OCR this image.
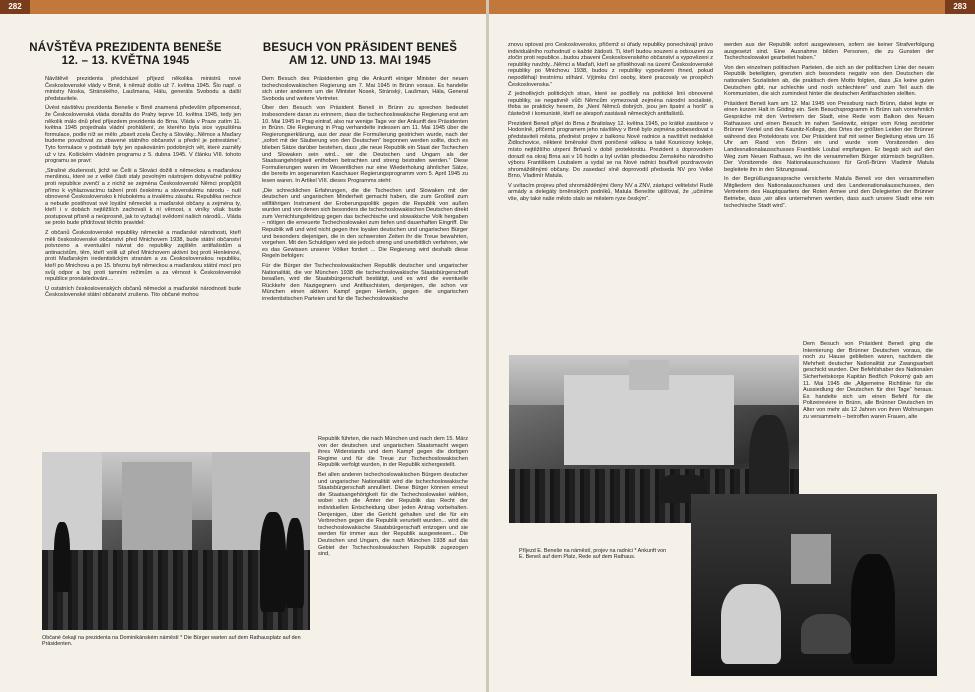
282
NÁVŠTĚVA PREZIDENTA BENEŠE
12. – 13. KVĚTNA 1945
BESUCH VON PRÄSIDENT BENEŠ
AM 12. UND 13. MAI 1945

Návštěvě prezidenta předcházel příjezd několika ministrů nové Československé vlády v Brně, k němuž došlo už 7. května 1945. Šlo např. o ministry Noska, Stránského, Laušmana, Hálu, generála Svobodu a další představitele.

Úvést návštěvu prezidenta Beneše v Brně znamená především připomenout, že Československá vláda doražila do Prahy teprve 10. května 1945, tedy jen několik málo dnů před příjezdem prezidenta do Brna. Vláda v Praze zatím 11. května 1945 projednala vládní prohlášení, ze kterého byla sice vypuštěna formulace, podle níž se mělo „zbavit zcela Čechy a Slováky...Němce a Maďary budeme považovat za zbavené státního občanství a přední je potrestáme“. Tyto formulace v podstatě byly jen opakováním podobných vět, které zazněly už v tzv. Košickém vládním programu z 5. dubna 1945. V článku VIII. tohoto programu se pravi:

„Strašné zkušenosti, jichž se Češi a Slováci dožili s německou a maďarskou menšinou, které se z velké části staly povolným nástrojem dobyvačné politiky proti republice zvenčí a z nichž se zejména Československí Němci propůjčili přímo k vyhlazovacímu tažení proti českému a slovenskému národu - nutí obnovené Československo k hlubokému a trvalému zásahu. Republika nechce a nebude postihovat své loyální německé a maďarské občany a zejména ty, kteří i v dobách nejtěžších zachovali k ní věrnost, s viníky však bude postupovat přísně a neúprosně, jak to vyžadují svědomí našich národů... Vláda se proto bude přidržovat těchto pravidel:

Z občanů Československé republiky německé a maďarské národnosti, kteří měli československé občanství před Mnichovem 1938, bude státní občanství potvrzeno a eventuální návrat do republiky zajištěn antifašistům a antinacistům, těm, kteří volili už před Mnichovem aktivní boj proti Henleinovi, proti Maďarským iredentistickým stranám a za Československou republiku, kteří po Mnichovu a po 15. březnu byli německou a maďarskou státní mocí pro svůj odpor a boj proti tamním režimům a za věrnost k Československé republice pronásledováni....

U ostatních československých občanů německé a maďarské národnosti bude Československé státní občanství zrušeno. Tito občané mohou

Dem Besuch des Präsidenten ging die Ankunft einiger Minister der neuen tschechoslowakischen Regierung am 7. Mai 1945 in Brünn voraus. Es handelte sich unter anderem um die Minister Nosek, Stránský, Laušman, Hála, General Svoboda und weitere Vertreter.

Über den Besuch von Präsident Beneš in Brünn zu sprechen bedeutet insbesondere daran zu erinnern, dass die tschechoslowakische Regierung erst am 10. Mai 1945 in Prag eintraf, also nur wenige Tage vor der Ankunft des Präsidenten in Brünn. Die Regierung in Prag verhandelte indessen am 11. Mai 1945 über die Regierungserklärung, aus der zwar die Formulierung gestrichen wurde, nach der „sofort mit der Säuberung von den Deutschen“ begonnen werden sollte, doch es blieben Sätze darüber bestehen, dass „die neue Republik ein Staat der Tschechen und Slowaken sein wird... wir die Deutschen und Ungarn als der Staatsangehörigkeit enthoben betrachten und streng bestrafen werden.“ Diese Formulierungen waren im Wesentlichen nur eine Wiederholung ähnlicher Sätze, die bereits im sogenannten Kaschauer Regierungsprogramm vom 5. April 1945 zu lesen waren. In Artikel VIII. dieses Programms steht:

„Die schrecklichen Erfahrungen, die die Tschechen und Slowaken mit der deutschen und ungarischen Minderheit gemacht haben, die zum Großteil zum willfährigen Instrument der Eroberungspolitik gegen die Republik von außen wurden und von denen sich besonders die tschechoslowakischen Deutschen direkt zum Vernichtungsfeldzug gegen das tschechische und slowakische Volk hergaben – nötigen die erneuerte Tschechoslowakei zum tiefen und dauerhaften Eingriff. Die Republik will und wird nicht gegen ihre loyalen deutschen und ungarischen Bürger und besonders diejenigen, die in den schwersten Zeiten ihr die Treue bewahrten, vorgehen. Mit den Schuldigen wird sie jedoch streng und unerbittlich verfahren, wie es das Gewissen unserer Völker fordert ... Die Regierung wird deshalb diese Regeln befolgen:

Für die Bürger der Tschechoslowakischen Republik deutscher und ungarischer Nationalität, die vor München 1938 die tschechoslowakische Staatsbürgerschaft besaßen, wird die Staatsbürgerschaft bestätigt, und es wird die eventuelle Rückkehr den Nazigegnern und Antifaschisten, denjenigen, die schon vor München einen aktiven Kampf gegen Henlein, gegen die ungarischen irredentistischen Parteien und für die Tschechoslowakische

Republik führten, die nach München und nach dem 15. März von der deutschen und ungarischen Staatsmacht wegen ihres Widerstands und dem Kampf gegen die dortigen Regime und für die Treue zur Tschechoslowakischen Republik verfolgt wurden, in der Republik sichergestellt.

Bei allen anderen tschechoslowakischen Bürgern deutscher und ungarischer Nationalität wird die tschechoslowakische Staatsbürgerschaft annulliert. Diese Bürger können erneut die Staatsangehörigkeit für die Tschechoslowakei wählen, wobei sich die Ämter der Republik das Recht der individuellen Entscheidung über jeden Antrag vorbehalten. Denjenigen, über die Gericht gehalten und die für ein Verbrechen gegen die Republik verurteilt wurden... wird die tschechoslowakische Staatsbürgerschaft entzogen und sie werden für immer aus der Republik ausgewiesen... Die Deutschen und Ungarn, die nach München 1938 auf das Gebiet der Tschechoslowakischen Republik zugezogen sind,

Občané čekají na prezidenta na Dominikánském náměstí * Die Bürger warten auf dem Rathausplatz auf den Präsidenten.
283

znovu optovat pro Československo, přičemž si úřady republiky ponechávají právo individuálního rozhodnutí o každé žádosti. Ti, kteří budou souzeni a odsouzeni za zločin proti republice...budou zbaveni Československého občanství a vypovězeni z republiky navždy...Němci a Maďaři, kteří se přistěhovali na území Československé republiky po Mnichovu 1938, budou z republiky vypovězeni ihned, pokud nepodléhají trestnímu stíhání. Výjimku činí osoby, které pracovaly ve prospěch Československa.“

Z jednotlivých politických stran, které se podílely na politické linii obnovené republiky, se negativně vůči Němcům vymezovali zejména národní socialisté, třeba se prakticky hesem, že „Není Němců dobrých, jsou jen špatní a horší“ a částečně i komunisté, kteří se alespoň zastávali německých antifašistů.

Prezident Beneš přijel do Brna z Bratislavy 12. května 1945, po krátké zastávce v Hodoníně, přičemž programem jeho návštěvy v Brně bylo zejména pobesedovat s představiteli města, přednést projev z balkonu Nové radnice a navštívit nedaleké Židlochovice, některé brněnské čtvrti poničené válkou a také Kounicovy koleje, místo nejtěžšího utrpení Brňanů v době protektorátu. Prezident s doprovodem dorazil na okraj Brna asi v 16 hodin a byl uvítán předsedou Zemského národního výboru Františkem Loubalem a vydal se na Nové radnici bouřlivě pozdravován shromážděnými občany. Do zasedací síně doprovodil předseda NV pro Velké Brno, Vladimír Matula.

V uvítacím projevu před shromážděnými členy NV a ZNV, zástupci velitelství Rudé armády a delegáty brněnských podniků, Matula Benešte ujišťoval, že „učiníme vše, aby také naše město stalo se městem ryze českým“.

werden aus der Republik sofort ausgewiesen, sofern sie keiner Strafverfolgung ausgesetzt sind. Eine Ausnahme bilden Personen, die zu Gunsten der Tschechoslowakei gearbeitet haben.“

Von den einzelnen politischen Parteien, die sich an der politischen Linie der neuen Republik beteiligten, grenzten sich besonders negativ von den Deutschen die nationalen Sozialisten ab, die praktisch dem Motto folgten, dass „Es keine guten Deutschen gibt, nur schlechte und noch schlechtere“ und zum Teil auch die Kommunisten, die sich zumindest hinter die deutschen Antifaschisten stellten.

Präsident Beneš kam am 12. Mai 1945 von Pressburg nach Brünn, dabei legte er einen kurzen Halt in Göding ein. Sein Besuchsprogramm in Brünn sah vornehmlich Gespräche mit den Vertretern der Stadt, eine Rede vom Balkon des Neuen Rathauses und einen Besuch im nahen Seelowitz, einiger vom Krieg zerstörter Brünner Viertel und des Kaunitz-Kollegs, des Ortes der größten Leiden der Brünner während des Protektorats vor. Der Präsident traf mit seiner Begleitung etwa um 16 Uhr am Rand von Brünn ein und wurde vom Vorsitzenden des Landesnationalausschusses František Loubal empfangen. Er begab sich auf den Weg zum Neuen Rathaus, wo ihn die versammelten Bürger stürmisch begrüßten. Der Vorsitzende des Nationalausschusses für Groß-Brünn Vladimír Matula begleitete ihn in den Sitzungssaal.

In der Begrüßungsansprache versicherte Matula Beneš vor den versammelten Mitgliedern des Nationalausschusses und des Landesnationalausschusses, den Vertretern des Hauptquartiers der Roten Armee und den Delegierten der Brünner Betriebe, dass „wir alles unternehmen werden, dass auch unsere Stadt eine rein tschechische Stadt wird“.

Dem Besuch von Präsident Beneš ging die Internierung der Brünner Deutschen voraus, die noch zu Hause geblieben waren, nachdem die Mehrheit deutscher Nationalität zur Zwangsarbeit geschickt wurden. Der Befehlshaber des Nationalen Sicherheitskorps Kapitän Bedřich Pokorný gab am 11. Mai 1945 die „Allgemeine Richtlinie für die Aussiedlung der Deutschen für drei Tage“ heraus. Es handelte sich um einen Befehl für die Polizeireviere in Brünn, alle Brünner Deutschen im Alter von mehr als 12 Jahren von ihren Wohnungen zu versammeln – betroffen waren Frauen, alte

Příjezd E. Beneše na náměstí, projev na radnici * Ankunft von E. Beneš auf dem Platz, Rede auf dem Rathaus.
